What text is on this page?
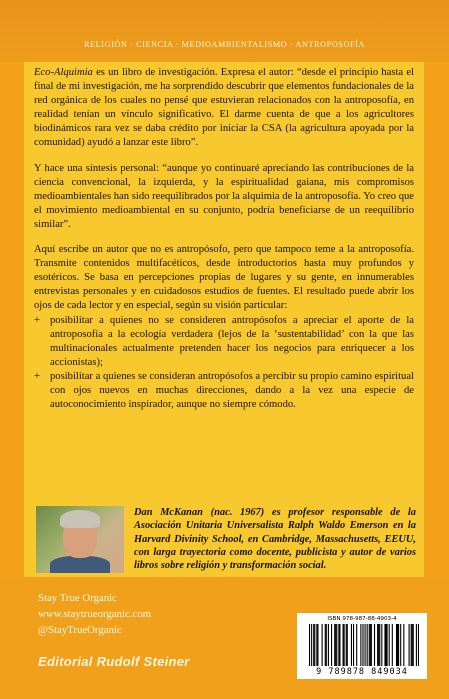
RELIGIÓN · CIENCIA · MEDIOAMBIENTALISMO · ANTROPOSOFÍA

Eco-Alquimia es un libro de investigación. Expresa el autor: “desde el principio hasta el final de mi investigación, me ha sorprendido descubrir que elementos fundacionales de la red orgánica de los cuales no pensé que estuvieran relacionados con la antroposofía, en realidad tenían un vínculo significativo. El darme cuenta de que a los agricultores biodinámicos rara vez se daba crédito por iniciar la CSA (la agricultura apoyada por la comunidad) ayudó a lanzar este libro”.

Y hace una síntesis personal: “aunque yo continuaré apreciando las contribuciones de la ciencia convencional, la izquierda, y la espiritualidad gaiana, mis compromisos medioambientales han sido reequilibrados por la alquimia de la antroposofía. Yo creo que el movimiento medioambiental en su conjunto, podría beneficiarse de un reequilibrio similar”.

Aquí escribe un autor que no es antropósofo, pero que tampoco teme a la antroposofía. Transmite contenidos multifacéticos, desde introductorios hasta muy profundos y esotéricos. Se basa en percepciones propias de lugares y su gente, en innumerables entrevistas personales y en cuidadosos estudios de fuentes. El resultado puede abrir los ojos de cada lector y en especial, según su visión particular:

+ posibilitar a quienes no se consideren antropósofos a apreciar el aporte de la antroposofía a la ecología verdadera (lejos de la ‘sustentabilidad’ con la que las multinacionales actualmente pretenden hacer los negocios para enriquecer a los accionistas);
+ posibilitar a quienes se consideran antropósofos a percibir su propio camino espiritual con ojos nuevos en muchas direcciones, dando a la vez una especie de autoconocimiento inspirador, aunque no siempre cómodo.
Dan McKanan (nac. 1967) es profesor responsable de la Asociación Unitaria Universalista Ralph Waldo Emerson en la Harvard Divinity School, en Cambridge, Massachusetts, EEUU, con larga trayectoria como docente, publicista y autor de varios libros sobre religión y transformación social.
Stay True Organic
www.staytrueorganic.com
@StayTrueOrganic
Editorial Rudolf Steiner
ISBN 978-987-88-4903-4
9 789878 849034
